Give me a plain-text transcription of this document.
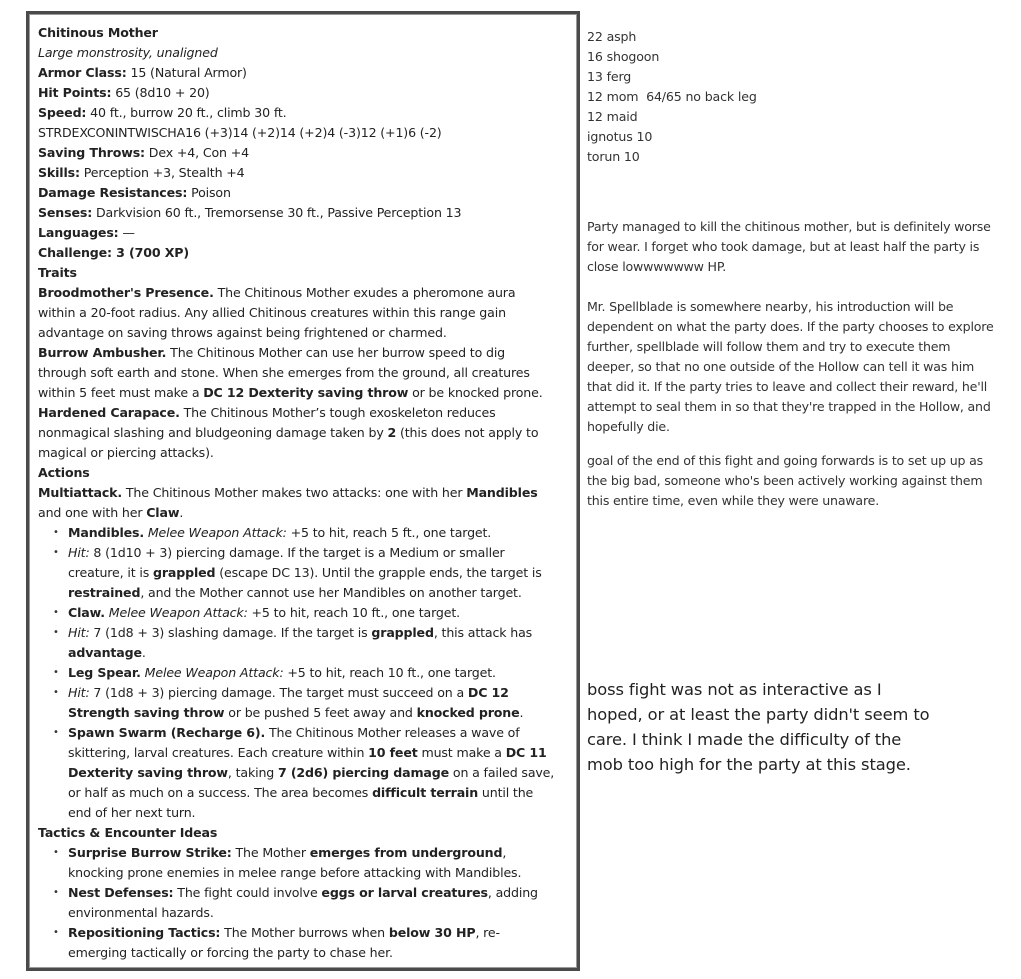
Chitinous Mother
Large monstrosity, unaligned
Armor Class: 15 (Natural Armor)
Hit Points: 65 (8d10 + 20)
Speed: 40 ft., burrow 20 ft., climb 30 ft.
STRDEXCONINTWISCHA16 (+3)14 (+2)14 (+2)4 (-3)12 (+1)6 (-2)
Saving Throws: Dex +4, Con +4
Skills: Perception +3, Stealth +4
Damage Resistances: Poison
Senses: Darkvision 60 ft., Tremorsense 30 ft., Passive Perception 13
Languages: —
Challenge: 3 (700 XP)
Traits
Broodmother's Presence. The Chitinous Mother exudes a pheromone aura
within a 20-foot radius. Any allied Chitinous creatures within this range gain
advantage on saving throws against being frightened or charmed.
Burrow Ambusher. The Chitinous Mother can use her burrow speed to dig
through soft earth and stone. When she emerges from the ground, all creatures
within 5 feet must make a DC 12 Dexterity saving throw or be knocked prone.
Hardened Carapace. The Chitinous Mother’s tough exoskeleton reduces
nonmagical slashing and bludgeoning damage taken by 2 (this does not apply to
magical or piercing attacks).
Actions
Multiattack. The Chitinous Mother makes two attacks: one with her Mandibles
and one with her Claw.
• Mandibles. Melee Weapon Attack: +5 to hit, reach 5 ft., one target.
• Hit: 8 (1d10 + 3) piercing damage. If the target is a Medium or smaller
creature, it is grappled (escape DC 13). Until the grapple ends, the target is
restrained, and the Mother cannot use her Mandibles on another target.
• Claw. Melee Weapon Attack: +5 to hit, reach 10 ft., one target.
• Hit: 7 (1d8 + 3) slashing damage. If the target is grappled, this attack has
advantage.
• Leg Spear. Melee Weapon Attack: +5 to hit, reach 10 ft., one target.
• Hit: 7 (1d8 + 3) piercing damage. The target must succeed on a DC 12
Strength saving throw or be pushed 5 feet away and knocked prone.
• Spawn Swarm (Recharge 6). The Chitinous Mother releases a wave of
skittering, larval creatures. Each creature within 10 feet must make a DC 11
Dexterity saving throw, taking 7 (2d6) piercing damage on a failed save,
or half as much on a success. The area becomes difficult terrain until the
end of her next turn.
Tactics & Encounter Ideas
• Surprise Burrow Strike: The Mother emerges from underground,
knocking prone enemies in melee range before attacking with Mandibles.
• Nest Defenses: The fight could involve eggs or larval creatures, adding
environmental hazards.
• Repositioning Tactics: The Mother burrows when below 30 HP, re-
emerging tactically or forcing the party to chase her.
22 asph
16 shogoon
13 ferg
12 mom  64/65 no back leg
12 maid
ignotus 10
torun 10
Party managed to kill the chitinous mother, but is definitely worse
for wear. I forget who took damage, but at least half the party is
close lowwwwwww HP.
Mr. Spellblade is somewhere nearby, his introduction will be
dependent on what the party does. If the party chooses to explore
further, spellblade will follow them and try to execute them
deeper, so that no one outside of the Hollow can tell it was him
that did it. If the party tries to leave and collect their reward, he'll
attempt to seal them in so that they're trapped in the Hollow, and
hopefully die.
goal of the end of this fight and going forwards is to set up up as
the big bad, someone who's been actively working against them
this entire time, even while they were unaware.
boss fight was not as interactive as I
hoped, or at least the party didn't seem to
care. I think I made the difficulty of the
mob too high for the party at this stage.
